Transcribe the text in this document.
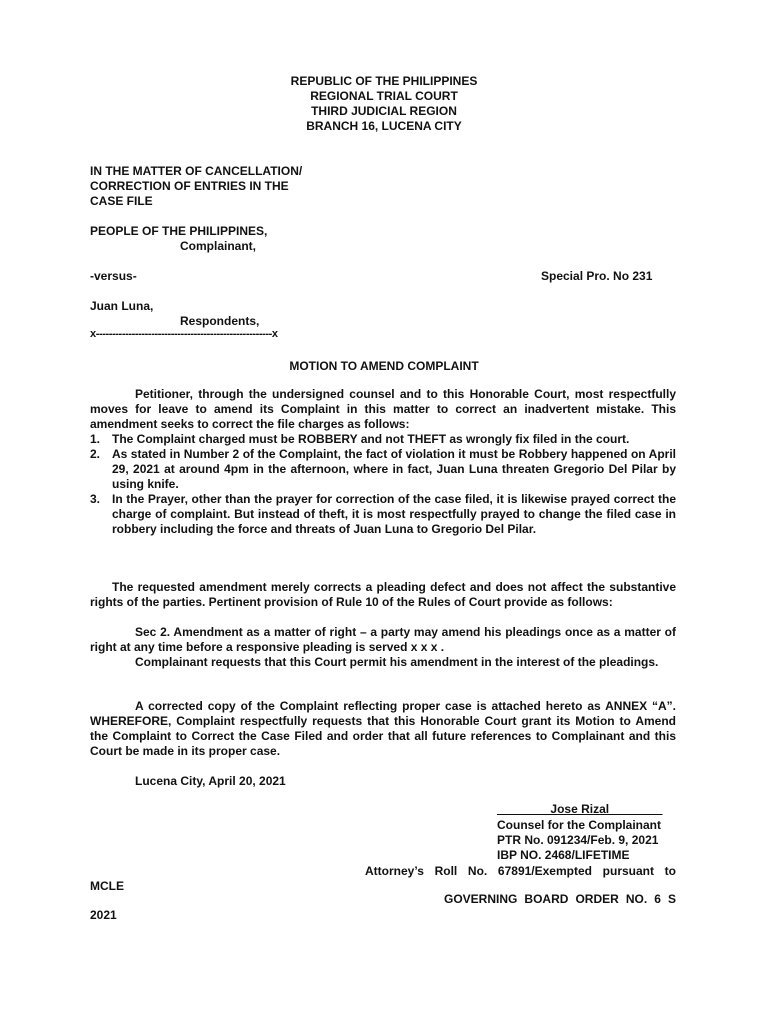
REPUBLIC OF THE PHILIPPINES
REGIONAL TRIAL COURT
THIRD JUDICIAL REGION
BRANCH 16, LUCENA CITY
IN THE MATTER OF CANCELLATION/
CORRECTION OF ENTRIES IN THE
CASE FILE
PEOPLE OF THE PHILIPPINES,
Complainant,
-versus-	Special Pro. No 231
Juan Luna,
Respondents,
x------------------------------------------------------x
MOTION TO AMEND COMPLAINT
Petitioner, through the undersigned counsel and to this Honorable Court, most respectfully moves for leave to amend its Complaint in this matter to correct an inadvertent mistake. This amendment seeks to correct the file charges as follows:
1. The Complaint charged must be ROBBERY and not THEFT as wrongly fix filed in the court.
2. As stated in Number 2 of the Complaint, the fact of violation it must be Robbery happened on April 29, 2021 at around 4pm in the afternoon, where in fact, Juan Luna threaten Gregorio Del Pilar by using knife.
3. In the Prayer, other than the prayer for correction of the case filed, it is likewise prayed correct the charge of complaint. But instead of theft, it is most respectfully prayed to change the filed case in robbery including the force and threats of Juan Luna to Gregorio Del Pilar.
The requested amendment merely corrects a pleading defect and does not affect the substantive rights of the parties. Pertinent provision of Rule 10 of the Rules of Court provide as follows:
Sec 2. Amendment as a matter of right – a party may amend his pleadings once as a matter of right at any time before a responsive pleading is served x x x .
Complainant requests that this Court permit his amendment in the interest of the pleadings.
A corrected copy of the Complaint reflecting proper case is attached hereto as ANNEX “A”. WHEREFORE, Complaint respectfully requests that this Honorable Court grant its Motion to Amend the Complaint to Correct the Case Filed and order that all future references to Complainant and this Court be made in its proper case.
Lucena City, April 20, 2021
________Jose Rizal________
Counsel for the Complainant
PTR No. 091234/Feb. 9, 2021
IBP NO. 2468/LIFETIME
Attorney’s Roll No. 67891/Exempted pursuant to
MCLE
GOVERNING BOARD ORDER NO. 6 S
2021
